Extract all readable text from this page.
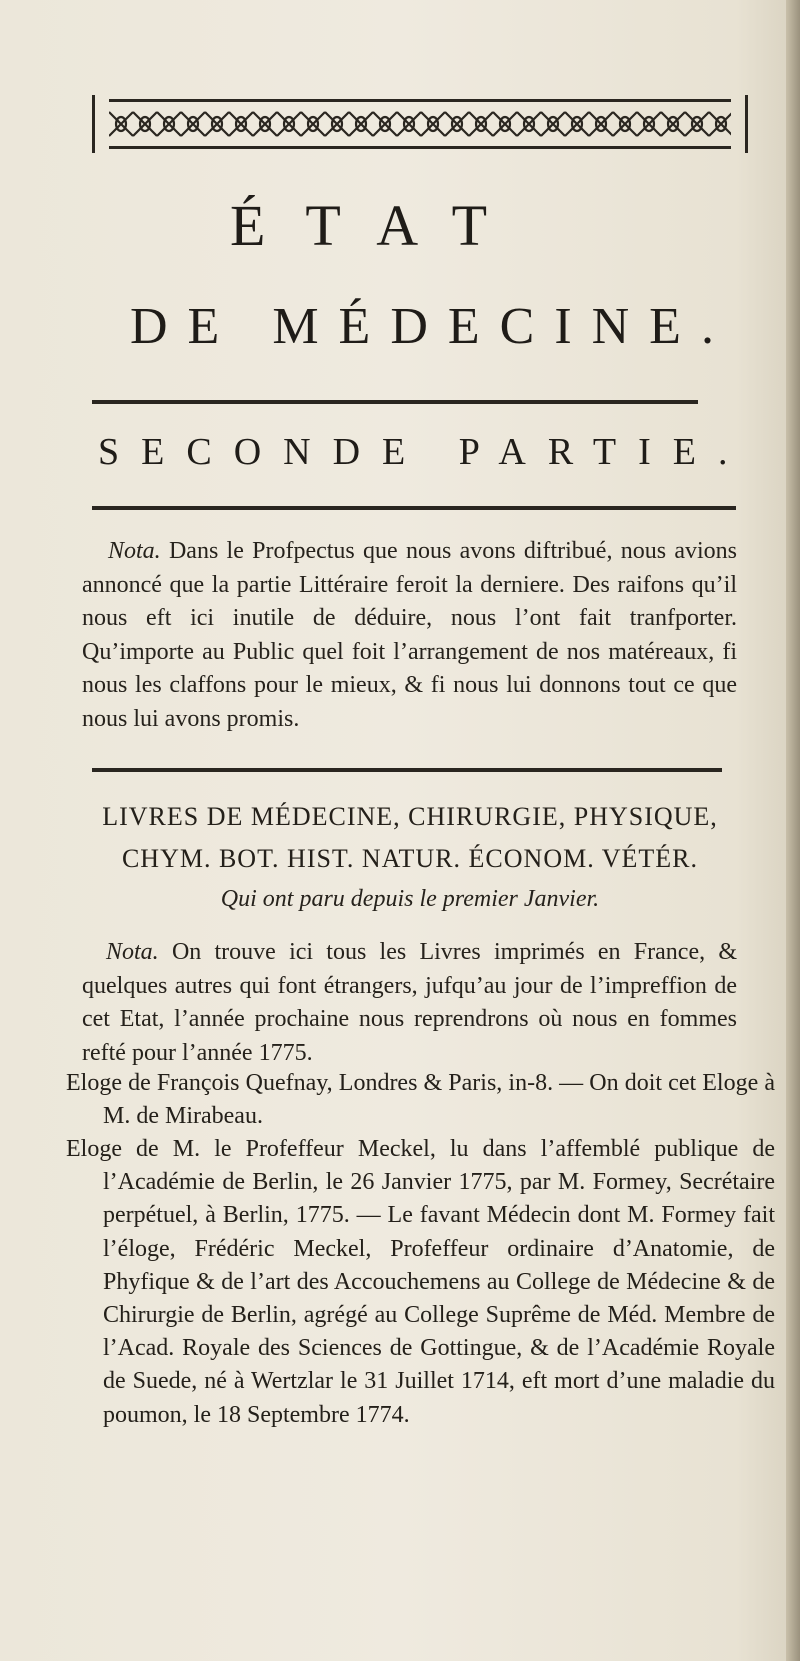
ÉTAT
DE MÉDECINE.
SECONDE PARTIE.
Nota. Dans le Profpectus que nous avons diftribué, nous avions annoncé que la partie Littéraire feroit la derniere. Des raifons qu’il nous eft ici inutile de déduire, nous l’ont fait tranfporter. Qu’importe au Public quel foit l’arrangement de nos matéreaux, fi nous les claffons pour le mieux, & fi nous lui donnons tout ce que nous lui avons promis.
LIVRES DE MÉDECINE, CHIRURGIE, PHYSIQUE,
CHYM. BOT. HIST. NATUR. ÉCONOM. VÉTÉR.
Qui ont paru depuis le premier Janvier.
Nota. On trouve ici tous les Livres imprimés en France, & quelques autres qui font étrangers, jufqu’au jour de l’impreffion de cet Etat, l’année prochaine nous reprendrons où nous en fommes refté pour l’année 1775.
Eloge de François Quefnay, Londres & Paris, in-8. — On doit cet Eloge à M. de Mirabeau.
Eloge de M. le Profeffeur Meckel, lu dans l’affemblé publique de l’Académie de Berlin, le 26 Janvier 1775, par M. Formey, Secrétaire perpétuel, à Berlin, 1775. — Le favant Médecin dont M. Formey fait l’éloge, Frédéric Meckel, Profeffeur ordinaire d’Anatomie, de Phyfique & de l’art des Accouchemens au College de Médecine & de Chirurgie de Berlin, agrégé au College Suprême de Méd. Membre de l’Acad. Royale des Sciences de Gottingue, & de l’Académie Royale de Suede, né à Wertzlar le 31 Juillet 1714, eft mort d’une maladie du poumon, le 18 Septembre 1774.
